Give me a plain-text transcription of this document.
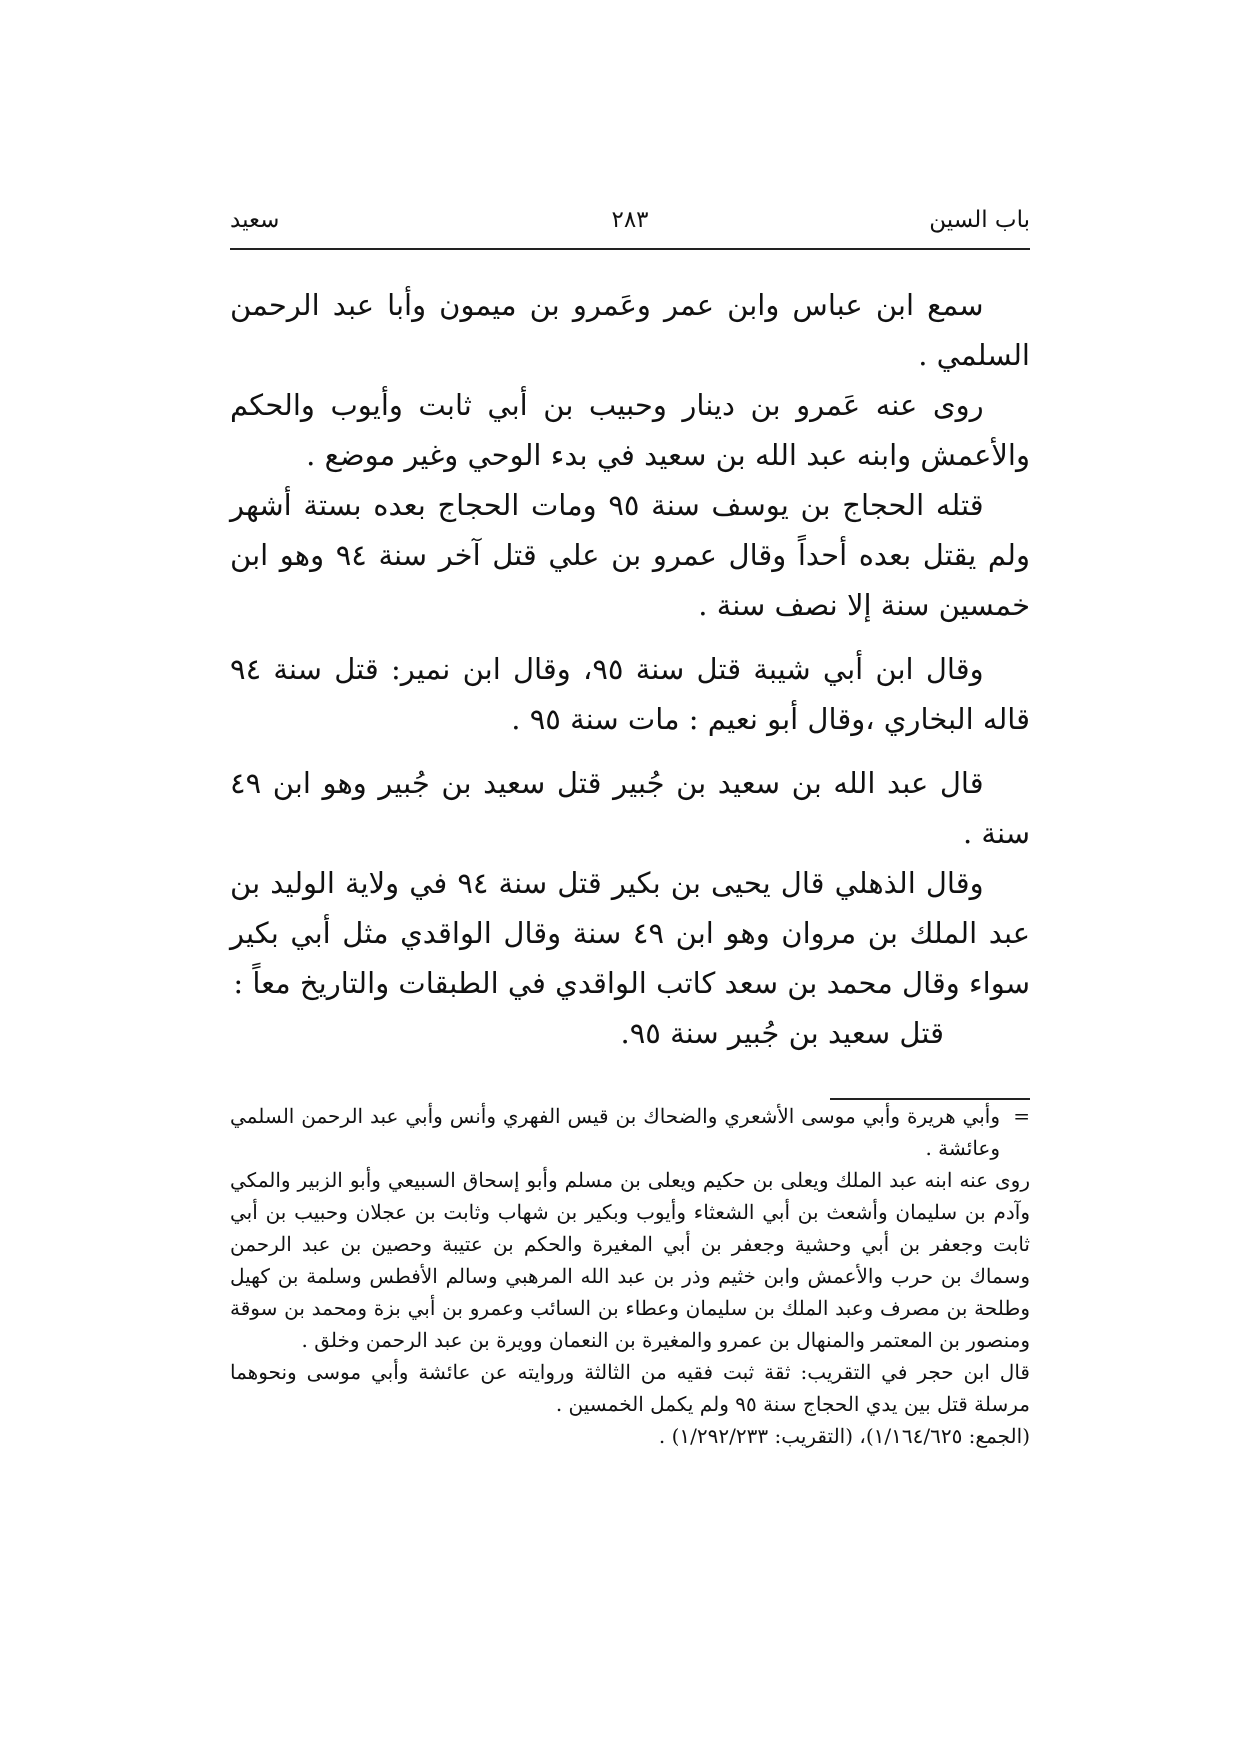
باب السين
٢٨٣
سعيد

سمع ابن عباس وابن عمر وعَمرو بن ميمون وأبا عبد الرحمن السلمي .

روى عنه عَمرو بن دينار وحبيب بن أبي ثابت وأيوب والحكم والأعمش وابنه عبد الله بن سعيد في بدء الوحي وغير موضع .

قتله الحجاج بن يوسف سنة ٩٥ ومات الحجاج بعده بستة أشهر ولم يقتل بعده أحداً وقال عمرو بن علي قتل آخر سنة ٩٤ وهو ابن خمسين سنة إلا نصف سنة .

وقال ابن أبي شيبة قتل سنة ٩٥، وقال ابن نمير: قتل سنة ٩٤ قاله البخاري ،وقال أبو نعيم : مات سنة ٩٥ .

قال عبد الله بن سعيد بن جُبير قتل سعيد بن جُبير وهو ابن ٤٩ سنة .

وقال الذهلي قال يحيى بن بكير قتل سنة ٩٤ في ولاية الوليد بن عبد الملك بن مروان وهو ابن ٤٩ سنة وقال الواقدي مثل أبي بكير سواء وقال محمد بن سعد كاتب الواقدي في الطبقات والتاريخ معاً :

قتل سعيد بن جُبير سنة ٩٥.

=
وأبي هريرة وأبي موسى الأشعري والضحاك بن قيس الفهري وأنس وأبي عبد الرحمن السلمي وعائشة .

روى عنه ابنه عبد الملك ويعلى بن حكيم ويعلى بن مسلم وأبو إسحاق السبيعي وأبو الزبير والمكي وآدم بن سليمان وأشعث بن أبي الشعثاء وأيوب وبكير بن شهاب وثابت بن عجلان وحبيب بن أبي ثابت وجعفر بن أبي وحشية وجعفر بن أبي المغيرة والحكم بن عتيبة وحصين بن عبد الرحمن وسماك بن حرب والأعمش وابن خثيم وذر بن عبد الله المرهبي وسالم الأفطس وسلمة بن كهيل وطلحة بن مصرف وعبد الملك بن سليمان وعطاء بن السائب وعمرو بن أبي بزة ومحمد بن سوقة ومنصور بن المعتمر والمنهال بن عمرو والمغيرة بن النعمان وويرة بن عبد الرحمن وخلق .

قال ابن حجر في التقريب: ثقة ثبت فقيه من الثالثة وروايته عن عائشة وأبي موسى ونحوهما مرسلة قتل بين يدي الحجاج سنة ٩٥ ولم يكمل الخمسين .

(الجمع: ١/١٦٤/٦٢٥)، (التقريب: ١/٢٩٢/٢٣٣) .
